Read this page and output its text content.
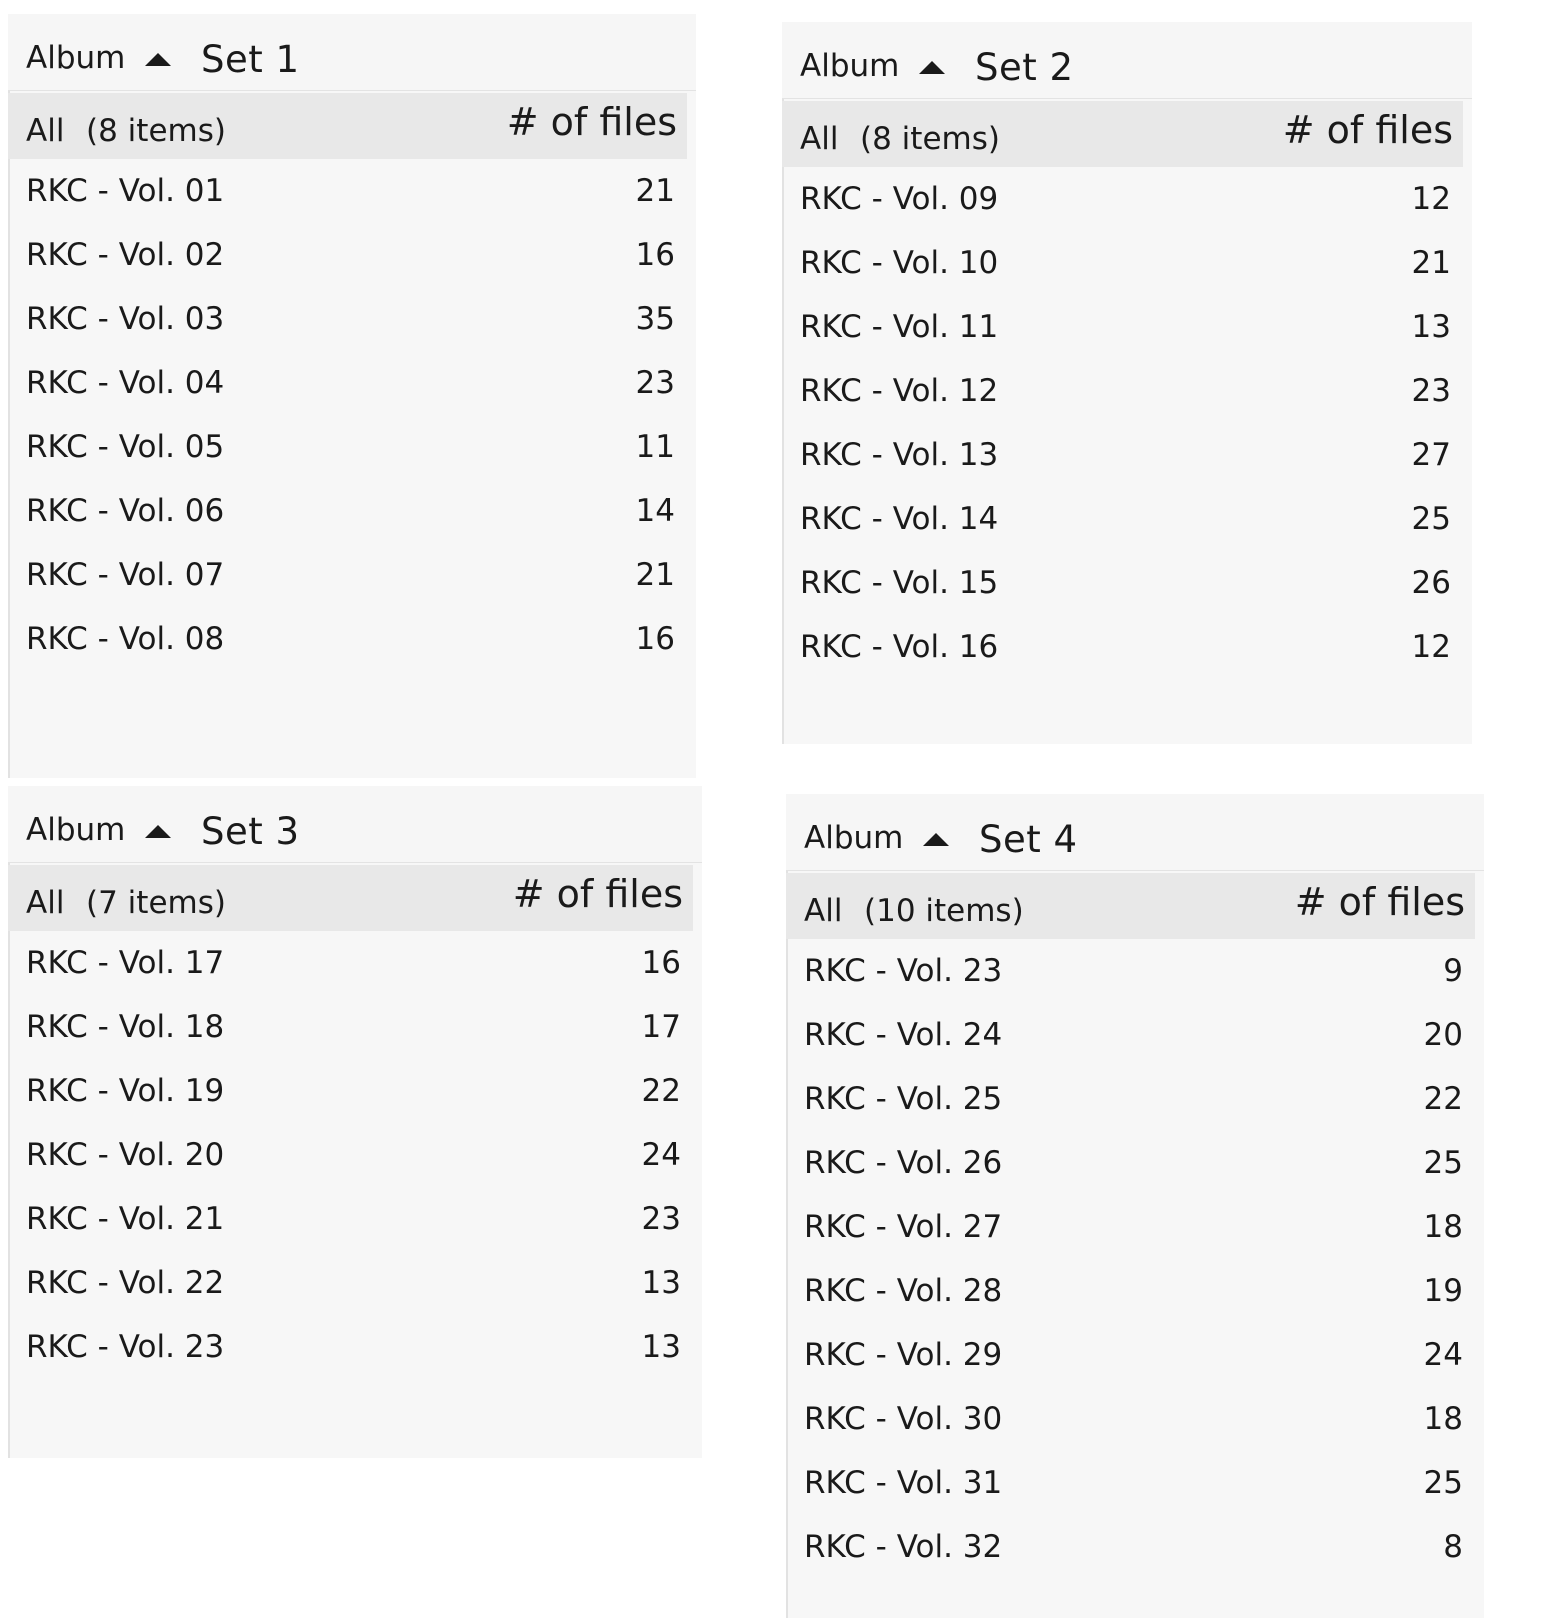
Album Set 1
All (8 items)	# of files
RKC - Vol. 01	21
RKC - Vol. 02	16
RKC - Vol. 03	35
RKC - Vol. 04	23
RKC - Vol. 05	11
RKC - Vol. 06	14
RKC - Vol. 07	21
RKC - Vol. 08	16
Album Set 2
All (8 items)	# of files
RKC - Vol. 09	12
RKC - Vol. 10	21
RKC - Vol. 11	13
RKC - Vol. 12	23
RKC - Vol. 13	27
RKC - Vol. 14	25
RKC - Vol. 15	26
RKC - Vol. 16	12
Album Set 3
All (7 items)	# of files
RKC - Vol. 17	16
RKC - Vol. 18	17
RKC - Vol. 19	22
RKC - Vol. 20	24
RKC - Vol. 21	23
RKC - Vol. 22	13
RKC - Vol. 23	13
Album Set 4
All (10 items)	# of files
RKC - Vol. 23	9
RKC - Vol. 24	20
RKC - Vol. 25	22
RKC - Vol. 26	25
RKC - Vol. 27	18
RKC - Vol. 28	19
RKC - Vol. 29	24
RKC - Vol. 30	18
RKC - Vol. 31	25
RKC - Vol. 32	8
